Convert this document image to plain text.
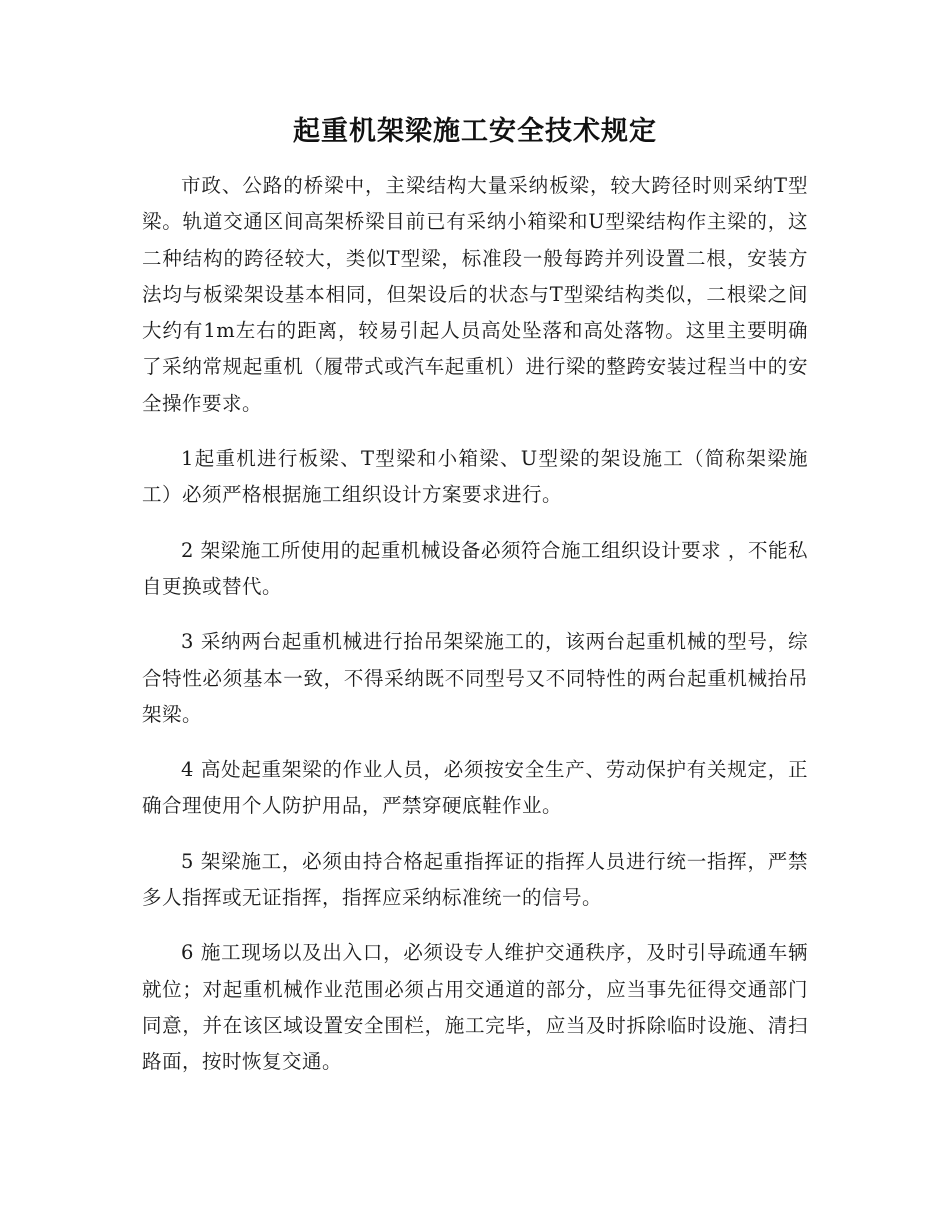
起重机架梁施工安全技术规定

市政、公路的桥梁中，主梁结构大量采纳板梁，较大跨径时则采纳T型梁。轨道交通区间高架桥梁目前已有采纳小箱梁和U型梁结构作主梁的，这二种结构的跨径较大，类似T型梁，标准段一般每跨并列设置二根，安装方法均与板梁架设基本相同，但架设后的状态与T型梁结构类似，二根梁之间大约有1m左右的距离，较易引起人员高处坠落和高处落物。这里主要明确了采纳常规起重机（履带式或汽车起重机）进行梁的整跨安装过程当中的安全操作要求。

1起重机进行板梁、T型梁和小箱梁、U型梁的架设施工（简称架梁施工）必须严格根据施工组织设计方案要求进行。

2 架梁施工所使用的起重机械设备必须符合施工组织设计要求 ，不能私自更换或替代。

3 采纳两台起重机械进行抬吊架梁施工的，该两台起重机械的型号，综合特性必须基本一致，不得采纳既不同型号又不同特性的两台起重机械抬吊架梁。

4 高处起重架梁的作业人员，必须按安全生产、劳动保护有关规定，正确合理使用个人防护用品，严禁穿硬底鞋作业。

5 架梁施工，必须由持合格起重指挥证的指挥人员进行统一指挥，严禁多人指挥或无证指挥，指挥应采纳标准统一的信号。

6 施工现场以及出入口，必须设专人维护交通秩序，及时引导疏通车辆就位；对起重机械作业范围必须占用交通道的部分，应当事先征得交通部门同意，并在该区域设置安全围栏，施工完毕，应当及时拆除临时设施、清扫路面，按时恢复交通。
